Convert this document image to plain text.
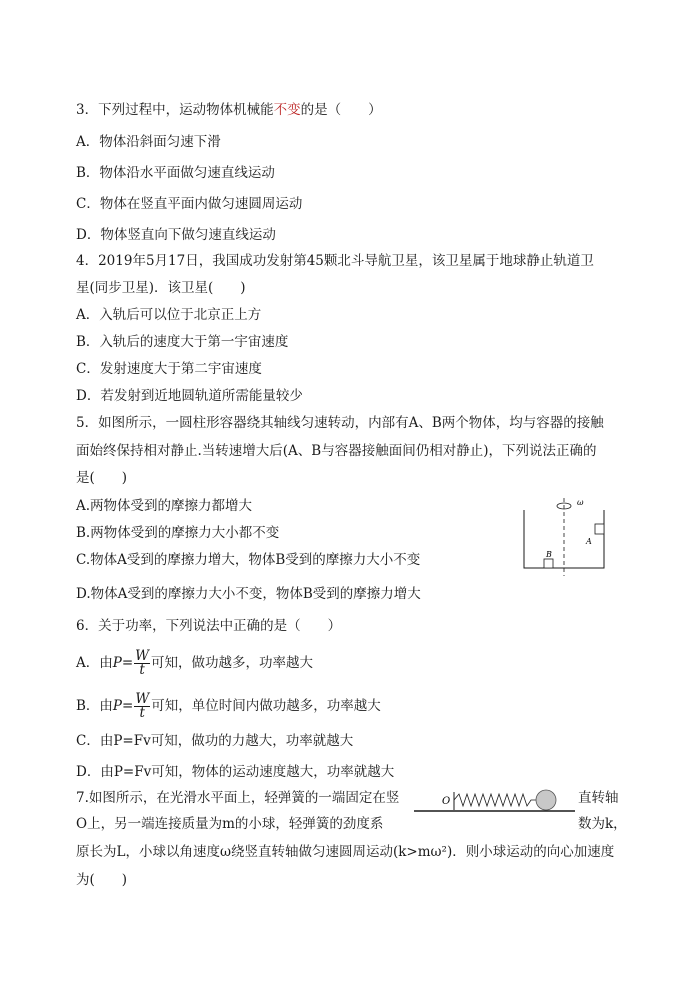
3．下列过程中，运动物体机械能不变的是（　　）
A．物体沿斜面匀速下滑
B．物体沿水平面做匀速直线运动
C．物体在竖直平面内做匀速圆周运动
D．物体竖直向下做匀速直线运动
4．2019年5月17日，我国成功发射第45颗北斗导航卫星，该卫星属于地球静止轨道卫
星(同步卫星)．该卫星(　　)
A．入轨后可以位于北京正上方
B．入轨后的速度大于第一宇宙速度
C．发射速度大于第二宇宙速度
D．若发射到近地圆轨道所需能量较少
5．如图所示，一圆柱形容器绕其轴线匀速转动，内部有A、B两个物体，均与容器的接触
面始终保持相对静止.当转速增大后(A、B与容器接触面间仍相对静止)，下列说法正确的
是(　　)
A.两物体受到的摩擦力都增大
B.两物体受到的摩擦力大小都不变
C.物体A受到的摩擦力增大，物体B受到的摩擦力大小不变
D.物体A受到的摩擦力大小不变，物体B受到的摩擦力增大
ω
B
A
6．关于功率，下列说法中正确的是（　　）
A．由$P= \frac{W}{t}$ 可知，做功越多，功率越大
B．由$P= \frac{W}{t}$ 可知，单位时间内做功越多，功率越大
C．由P=Fv可知，做功的力越大，功率就越大
D．由P=Fv可知，物体的运动速度越大，功率就越大
7.如图所示，在光滑水平面上，轻弹簧的一端固定在竖	直转轴
O上，另一端连接质量为m的小球，轻弹簧的劲度系	数为k，
原长为L，小球以角速度ω绕竖直转轴做匀速圆周运动(k>mω²)．则小球运动的向心加速度
为(　　)
O
